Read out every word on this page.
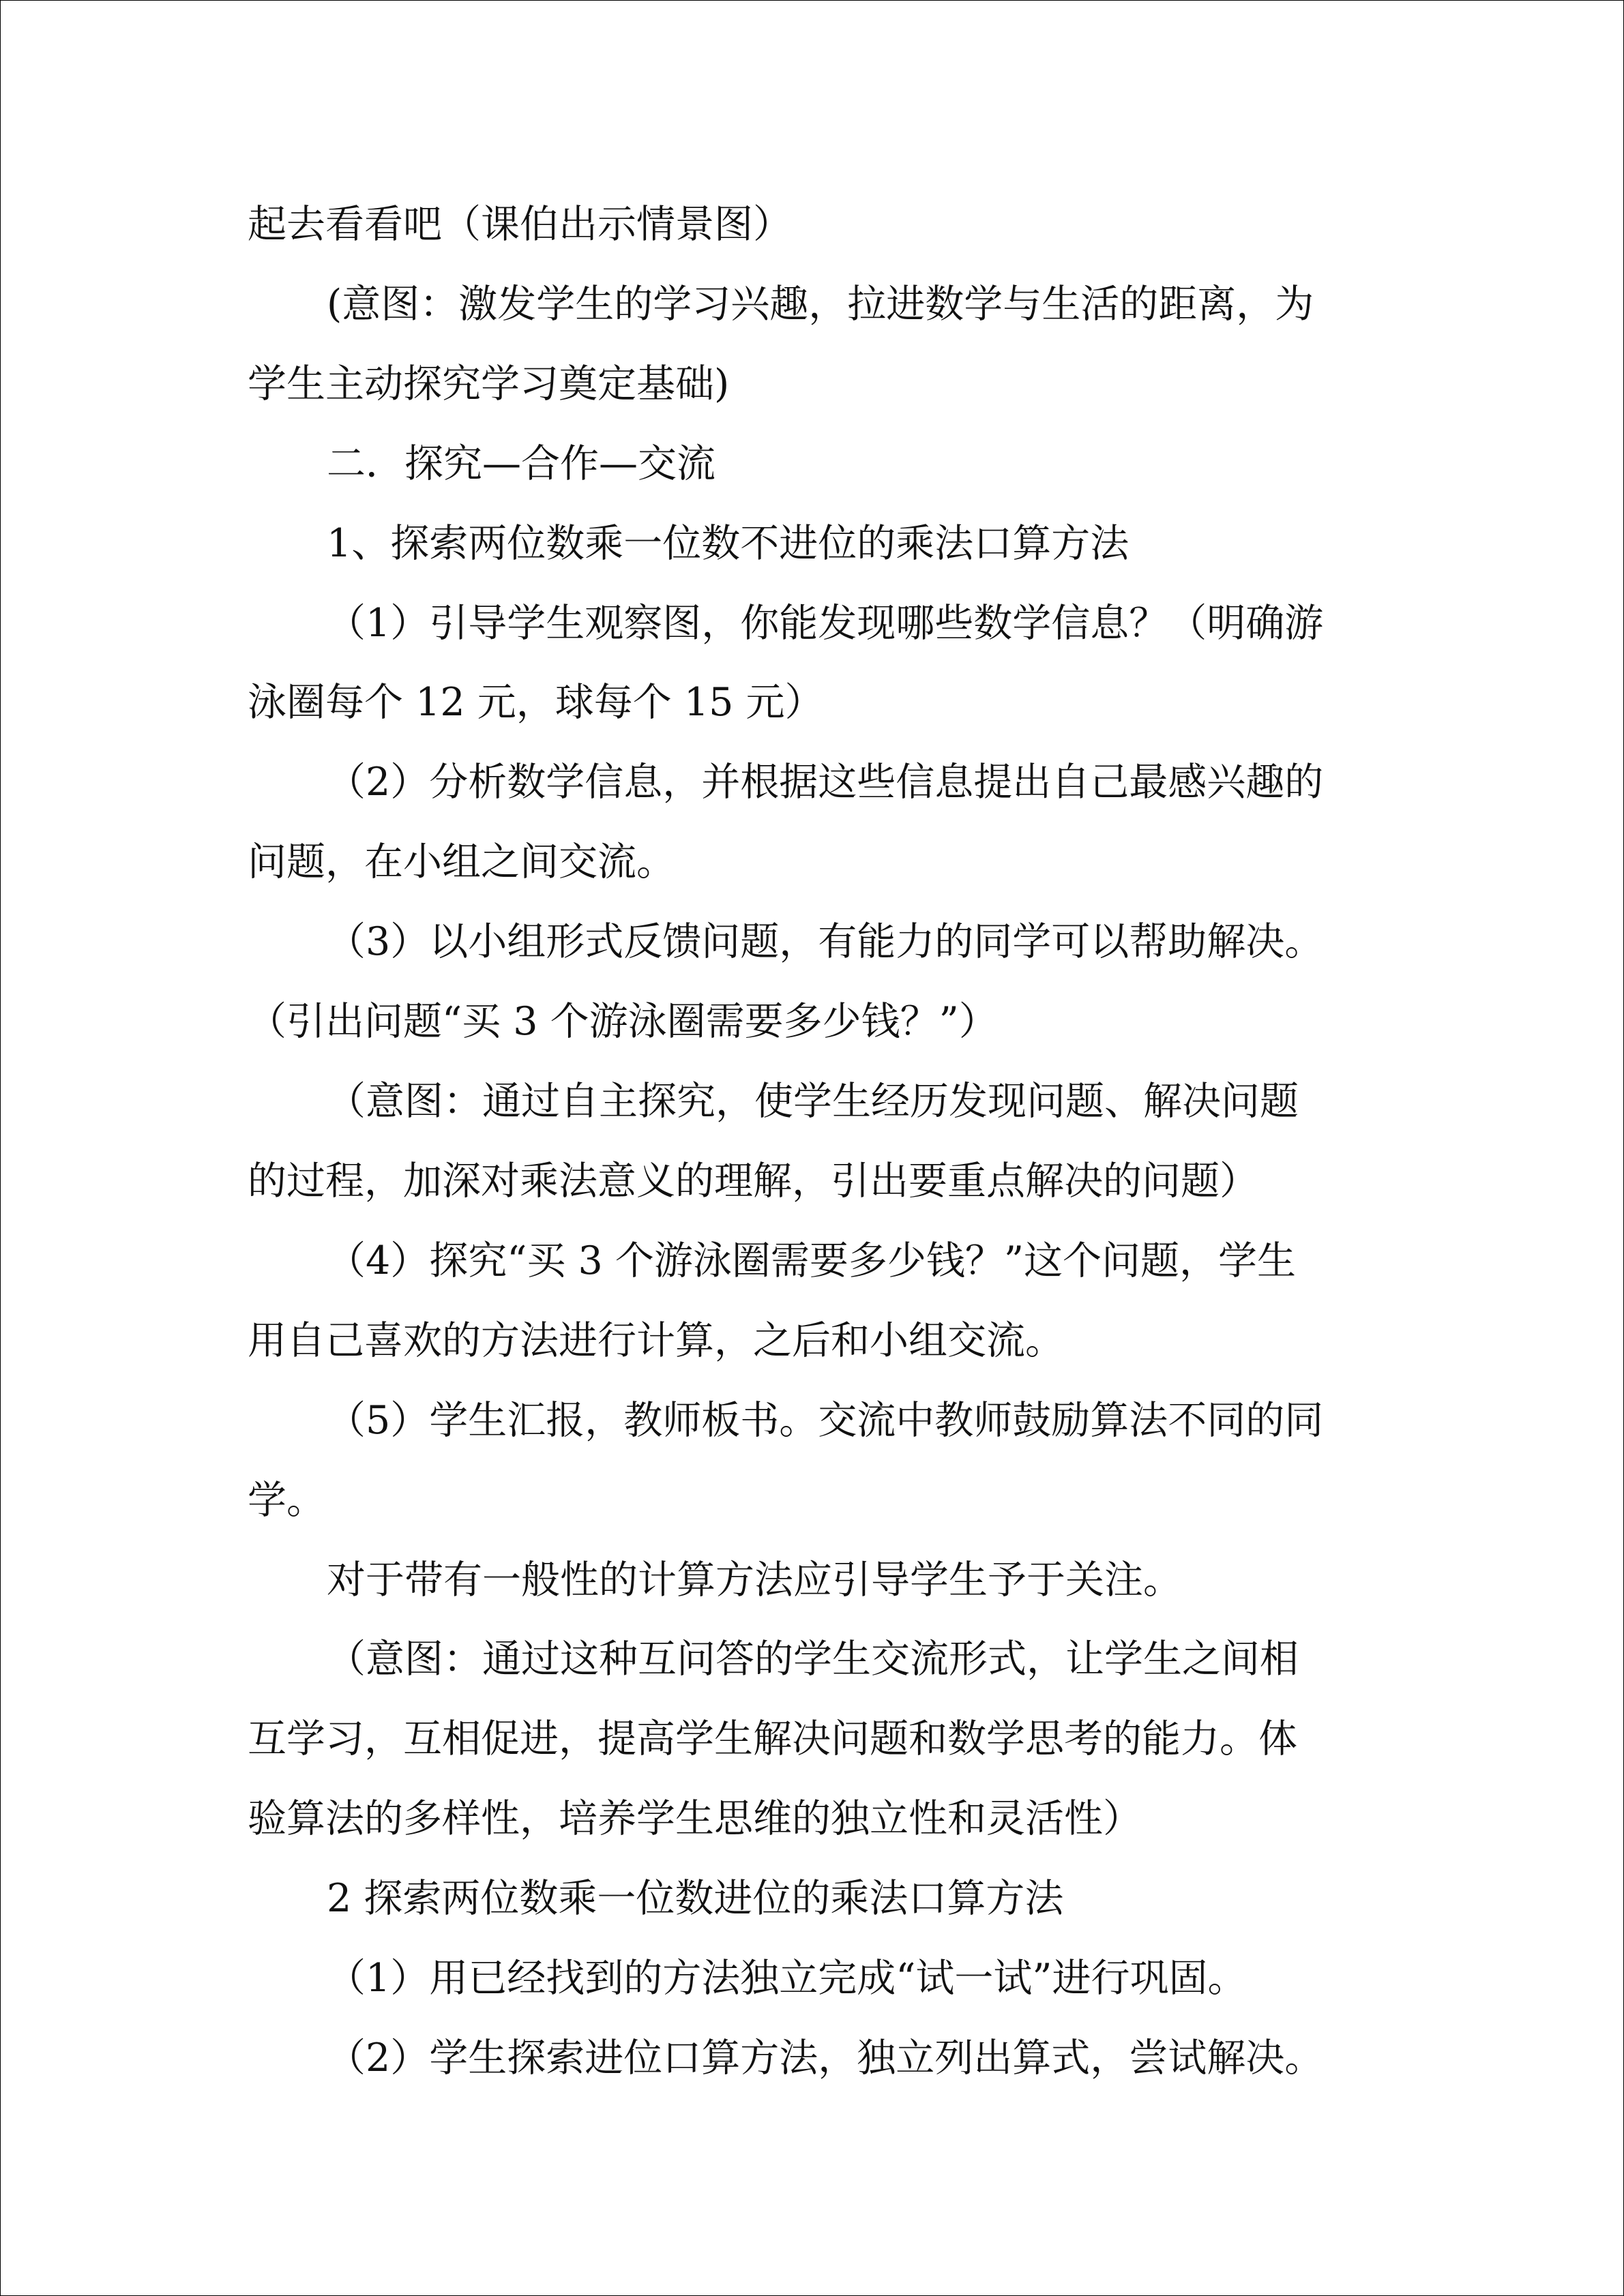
起去看看吧（课伯出示情景图）

(意图：激发学生的学习兴趣，拉进数学与生活的距离，为

学生主动探究学习奠定基础)

二．探究—合作—交流

1、探索两位数乘一位数不进位的乘法口算方法

（1）引导学生观察图，你能发现哪些数学信息？（明确游

泳圈每个 12 元，球每个 15 元）

（2）分析数学信息，并根据这些信息提出自己最感兴趣的

问题，在小组之间交流。

（3）以小组形式反馈问题，有能力的同学可以帮助解决。

（引出问题“买 3 个游泳圈需要多少钱？”）

（意图：通过自主探究，使学生经历发现问题、解决问题

的过程，加深对乘法意义的理解，引出要重点解决的问题）

（4）探究“买 3 个游泳圈需要多少钱？”这个问题，学生

用自己喜欢的方法进行计算，之后和小组交流。

（5）学生汇报，教师板书。交流中教师鼓励算法不同的同

学。

对于带有一般性的计算方法应引导学生予于关注。

（意图：通过这种互问答的学生交流形式，让学生之间相

互学习，互相促进，提高学生解决问题和数学思考的能力。体

验算法的多样性，培养学生思维的独立性和灵活性）

2 探索两位数乘一位数进位的乘法口算方法

（1）用已经找到的方法独立完成“试一试”进行巩固。

（2）学生探索进位口算方法，独立列出算式，尝试解决。
